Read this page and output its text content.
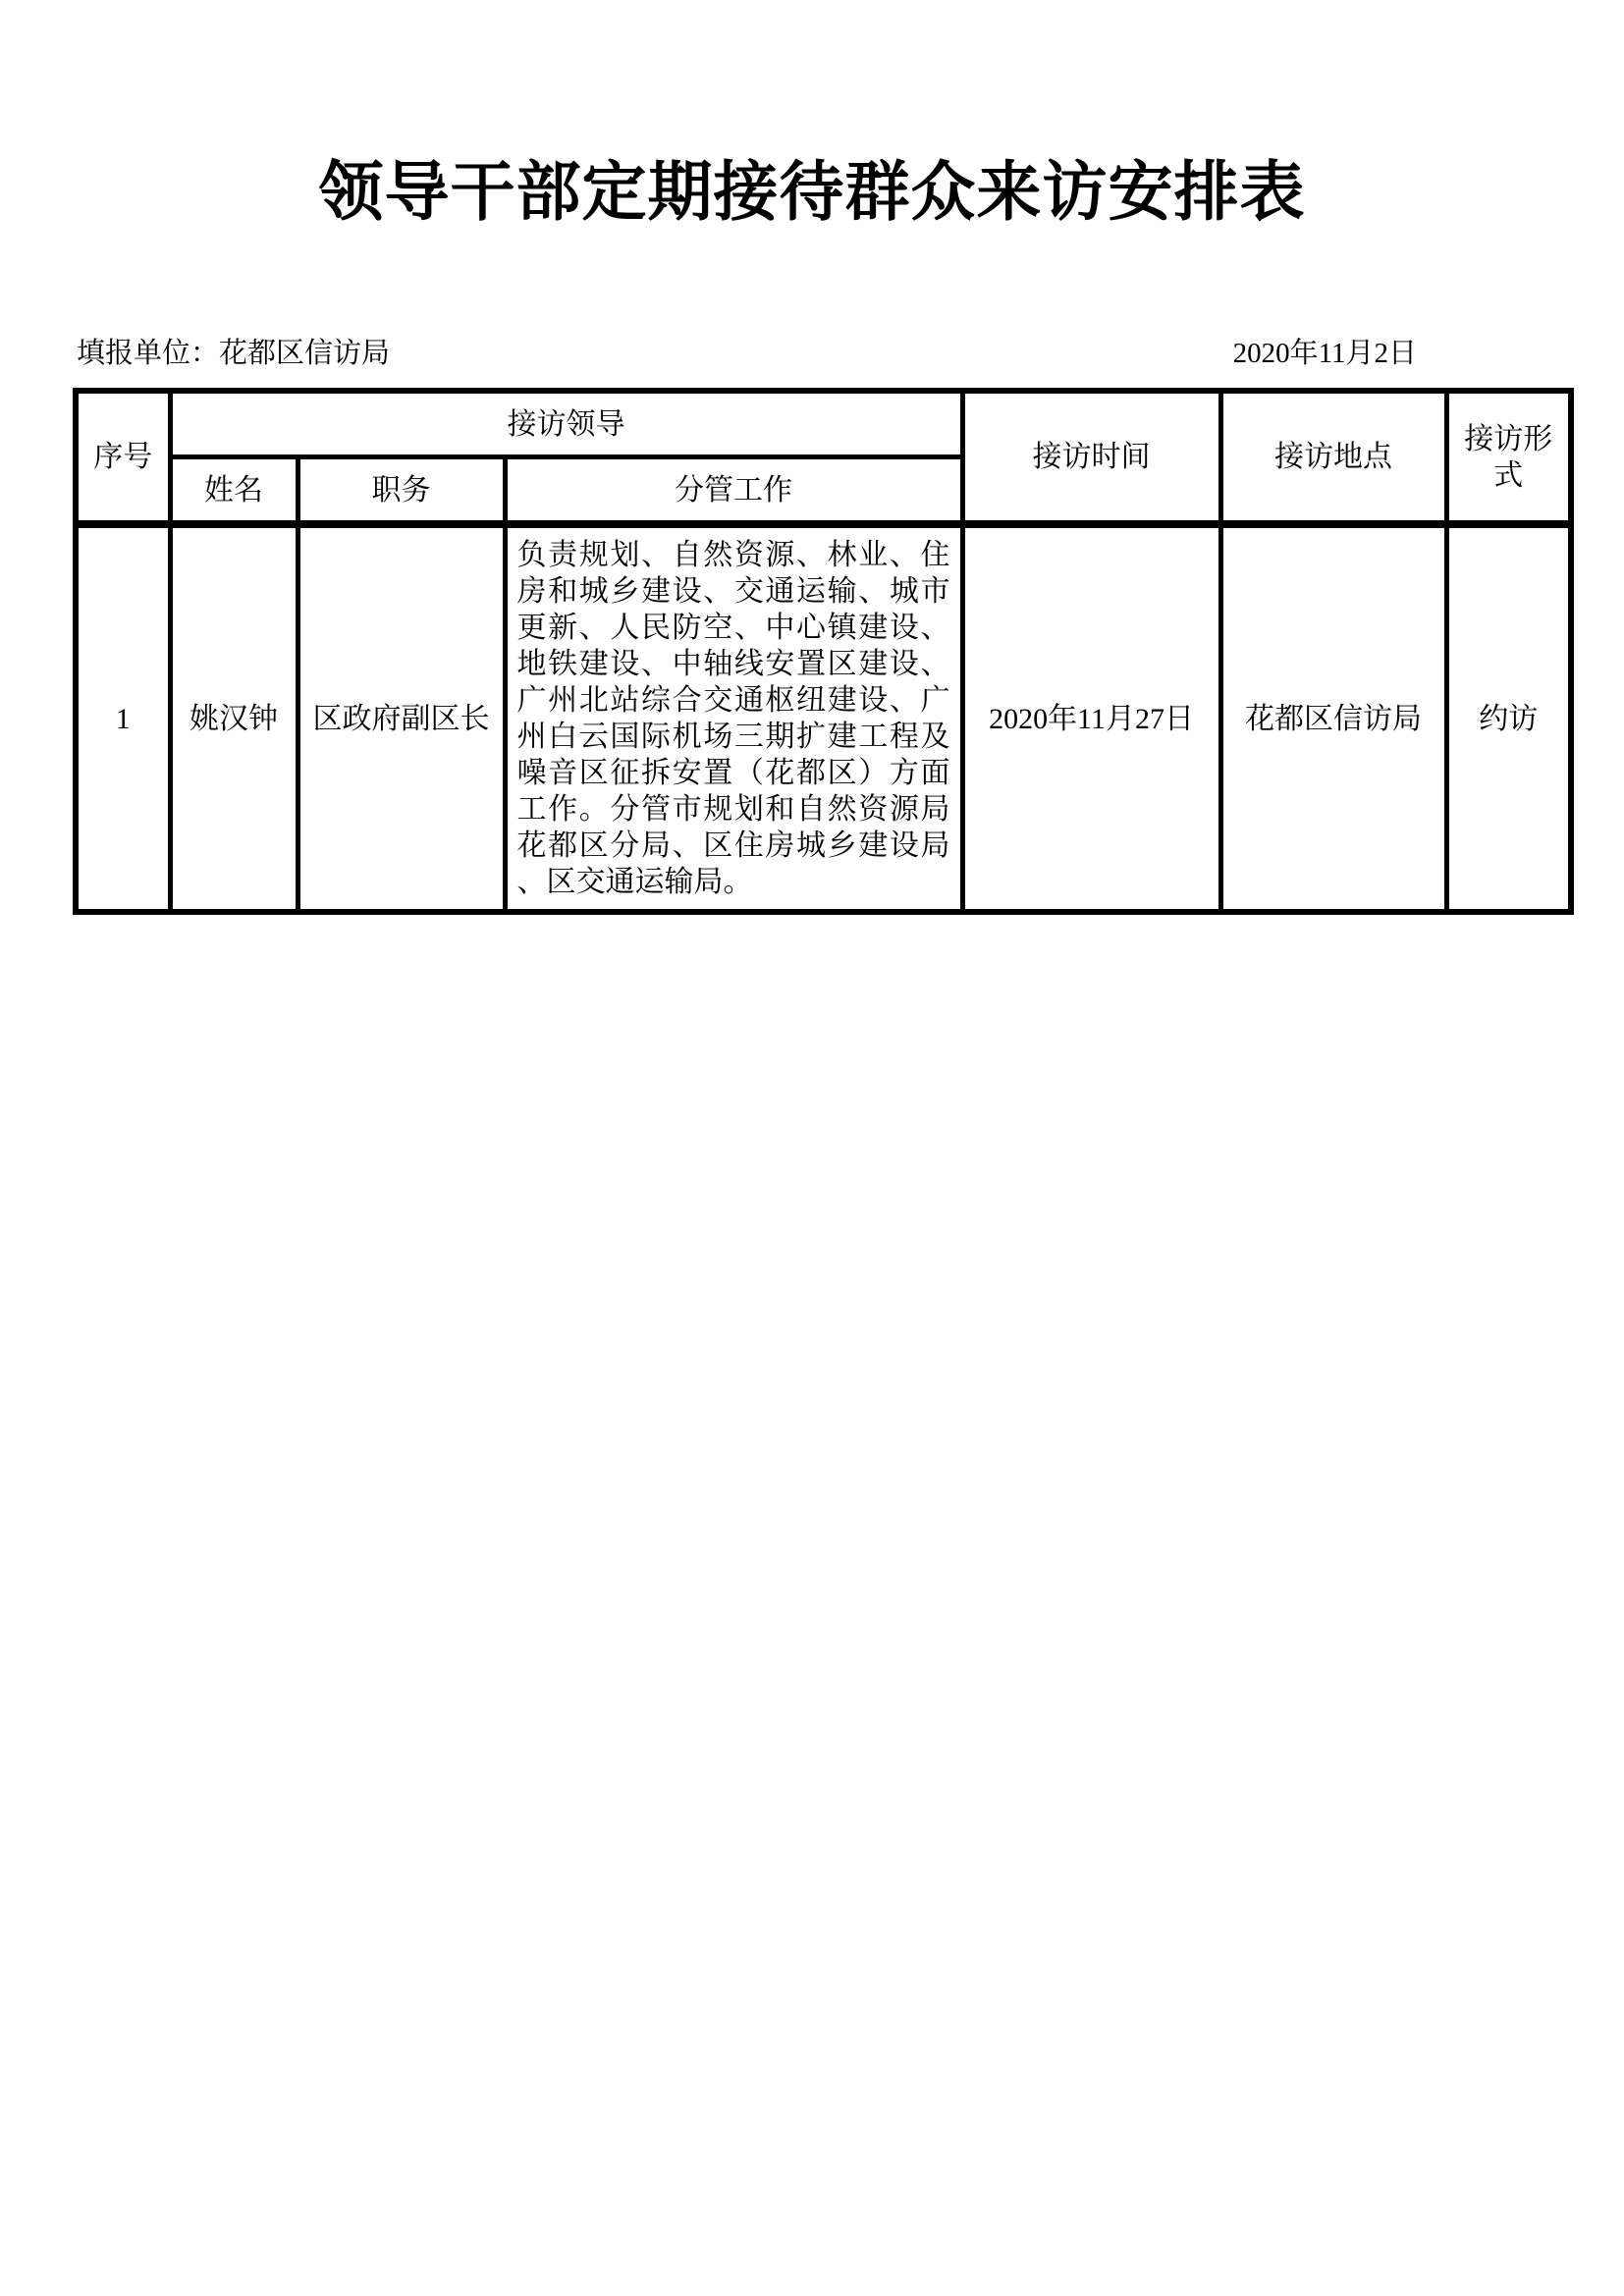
领导干部定期接待群众来访安排表
填报单位：花都区信访局	2020年11月2日
序号	接访领导			接访时间	接访地点	接访形式
	姓名	职务	分管工作			
1	姚汉钟	区政府副区长	负责规划、自然资源、林业、住房和城乡建设、交通运输、城市更新、人民防空、中心镇建设、地铁建设、中轴线安置区建设、广州北站综合交通枢纽建设、广州白云国际机场三期扩建工程及噪音区征拆安置（花都区）方面工作。分管市规划和自然资源局花都区分局、区住房城乡建设局、区交通运输局。	2020年11月27日	花都区信访局	约访
